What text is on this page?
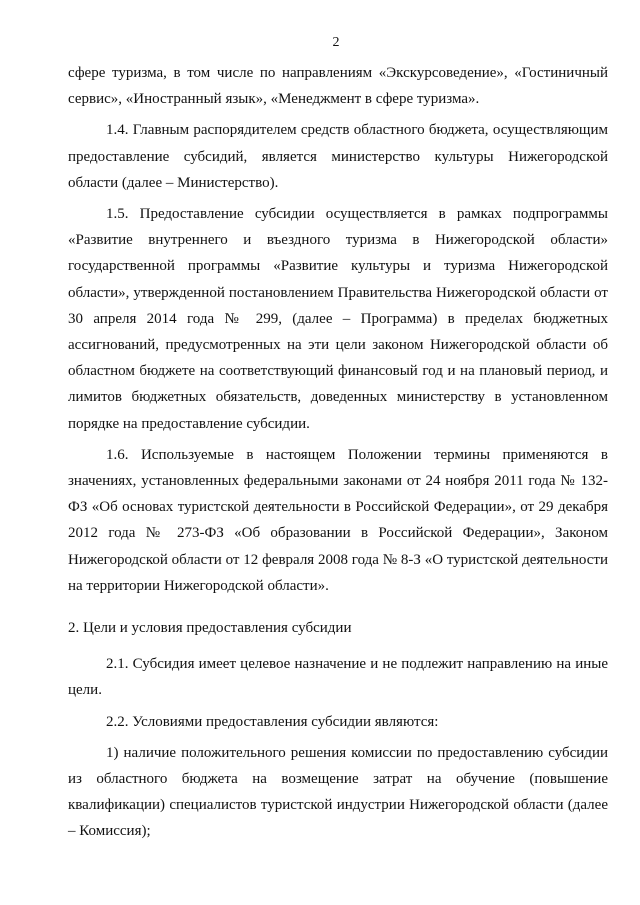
2

сфере туризма, в том числе по направлениям «Экскурсоведение», «Гостиничный сервис», «Иностранный язык», «Менеджмент в сфере туризма».

1.4. Главным распорядителем средств областного бюджета, осуществляющим предоставление субсидий, является министерство культуры Нижегородской области (далее – Министерство).

1.5. Предоставление субсидии осуществляется в рамках подпрограммы «Развитие внутреннего и въездного туризма в Нижегородской области» государственной программы «Развитие культуры и туризма Нижегородской области», утвержденной постановлением Правительства Нижегородской области от 30 апреля 2014 года № 299, (далее – Программа) в пределах бюджетных ассигнований, предусмотренных на эти цели законом Нижегородской области об областном бюджете на соответствующий финансовый год и на плановый период, и лимитов бюджетных обязательств, доведенных министерству в установленном порядке на предоставление субсидии.

1.6. Используемые в настоящем Положении термины применяются в значениях, установленных федеральными законами от 24 ноября 2011 года № 132-ФЗ «Об основах туристской деятельности в Российской Федерации», от 29 декабря 2012 года № 273-ФЗ «Об образовании в Российской Федерации», Законом Нижегородской области от 12 февраля 2008 года № 8-З «О туристской деятельности на территории Нижегородской области».

2. Цели и условия предоставления субсидии

2.1. Субсидия имеет целевое назначение и не подлежит направлению на иные цели.

2.2. Условиями предоставления субсидии являются:

1) наличие положительного решения комиссии по предоставлению субсидии из областного бюджета на возмещение затрат на обучение (повышение квалификации) специалистов туристской индустрии Нижегородской области (далее – Комиссия);
